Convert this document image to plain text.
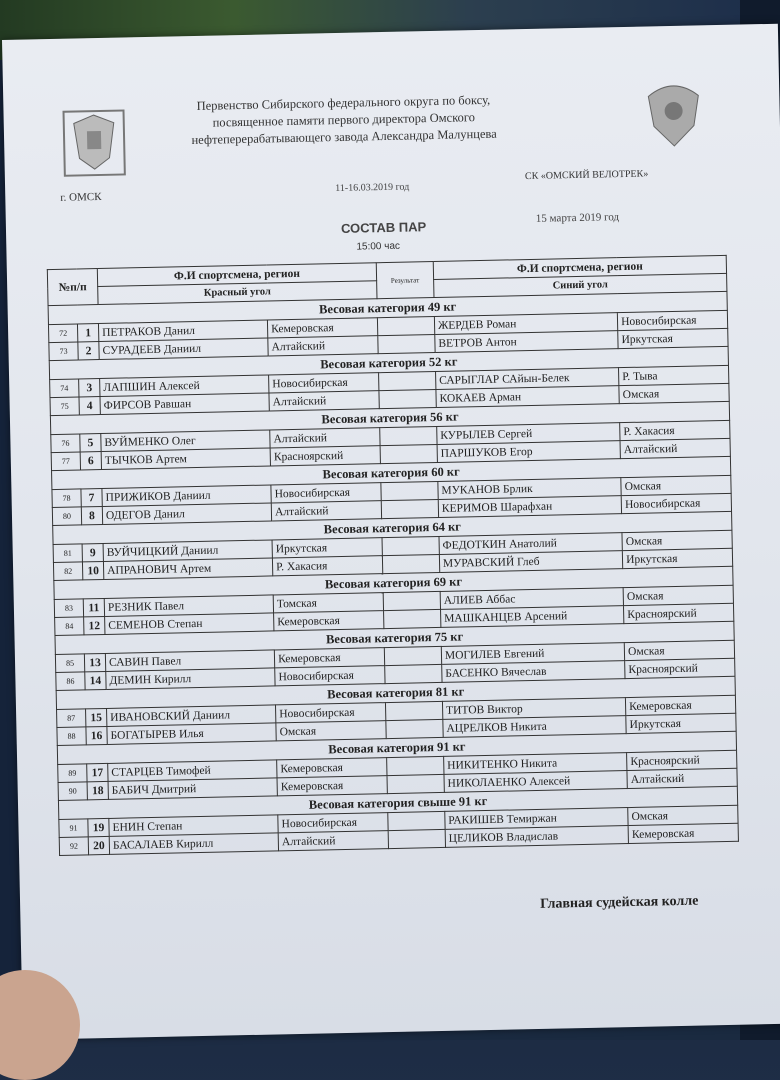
Первенство Сибирского федерального округа по боксу,
посвященное памяти первого директора Омского
нефтеперерабатывающего завода Александра Малунцева
г. ОМСК
11-16.03.2019 год
СК «ОМСКИЙ ВЕЛОТРЕК»
СОСТАВ ПАР
15:00 час
15 марта 2019 год
№п/п		Ф.И спортсмена, регион		Результат	Ф.И спортсмена, регион	
		Красный угол			Синий угол	
Весовая категория 49 кг						
72	1	ПЕТРАКОВ Данил	Кемеровская		ЖЕРДЕВ Роман	Новосибирская
73	2	СУРАДЕЕВ Даниил	Алтайский		ВЕТРОВ Антон	Иркутская
Весовая категория 52 кг						
74	3	ЛАПШИН Алексей	Новосибирская		САРЫГЛАР САйын-Белек	Р. Тыва
75	4	ФИРСОВ Равшан	Алтайский		КОКАЕВ Арман	Омская
Весовая категория 56 кг						
76	5	ВУЙМЕНКО Олег	Алтайский		КУРЫЛЕВ Сергей	Р. Хакасия
77	6	ТЫЧКОВ Артем	Красноярский		ПАРШУКОВ Егор	Алтайский
Весовая категория 60 кг						
78	7	ПРИЖИКОВ Даниил	Новосибирская		МУКАНОВ Брлик	Омская
80	8	ОДЕГОВ Данил	Алтайский		КЕРИМОВ Шарафхан	Новосибирская
Весовая категория 64 кг						
81	9	ВУЙЧИЦКИЙ Даниил	Иркутская		ФЕДОТКИН Анатолий	Омская
82	10	АПРАНОВИЧ Артем	Р. Хакасия		МУРАВСКИЙ Глеб	Иркутская
Весовая категория 69 кг						
83	11	РЕЗНИК Павел	Томская		АЛИЕВ Аббас	Омская
84	12	СЕМЕНОВ Степан	Кемеровская		МАШКАНЦЕВ Арсений	Красноярский
Весовая категория 75 кг						
85	13	САВИН Павел	Кемеровская		МОГИЛЕВ Евгений	Омская
86	14	ДЕМИН Кирилл	Новосибирская		БАСЕНКО Вячеслав	Красноярский
Весовая категория 81 кг						
87	15	ИВАНОВСКИЙ Даниил	Новосибирская		ТИТОВ Виктор	Кемеровская
88	16	БОГАТЫРЕВ Илья	Омская		АЦРЕЛКОВ Никита	Иркутская
Весовая категория 91 кг						
89	17	СТАРЦЕВ Тимофей	Кемеровская		НИКИТЕНКО Никита	Красноярский
90	18	БАБИЧ Дмитрий	Кемеровская		НИКОЛАЕНКО Алексей	Алтайский
Весовая категория свыше 91 кг						
91	19	ЕНИН Степан	Новосибирская		РАКИШЕВ Темиржан	Омская
92	20	БАСАЛАЕВ Кирилл	Алтайский		ЦЕЛИКОВ Владислав	Кемеровская
Главная судейская колле
